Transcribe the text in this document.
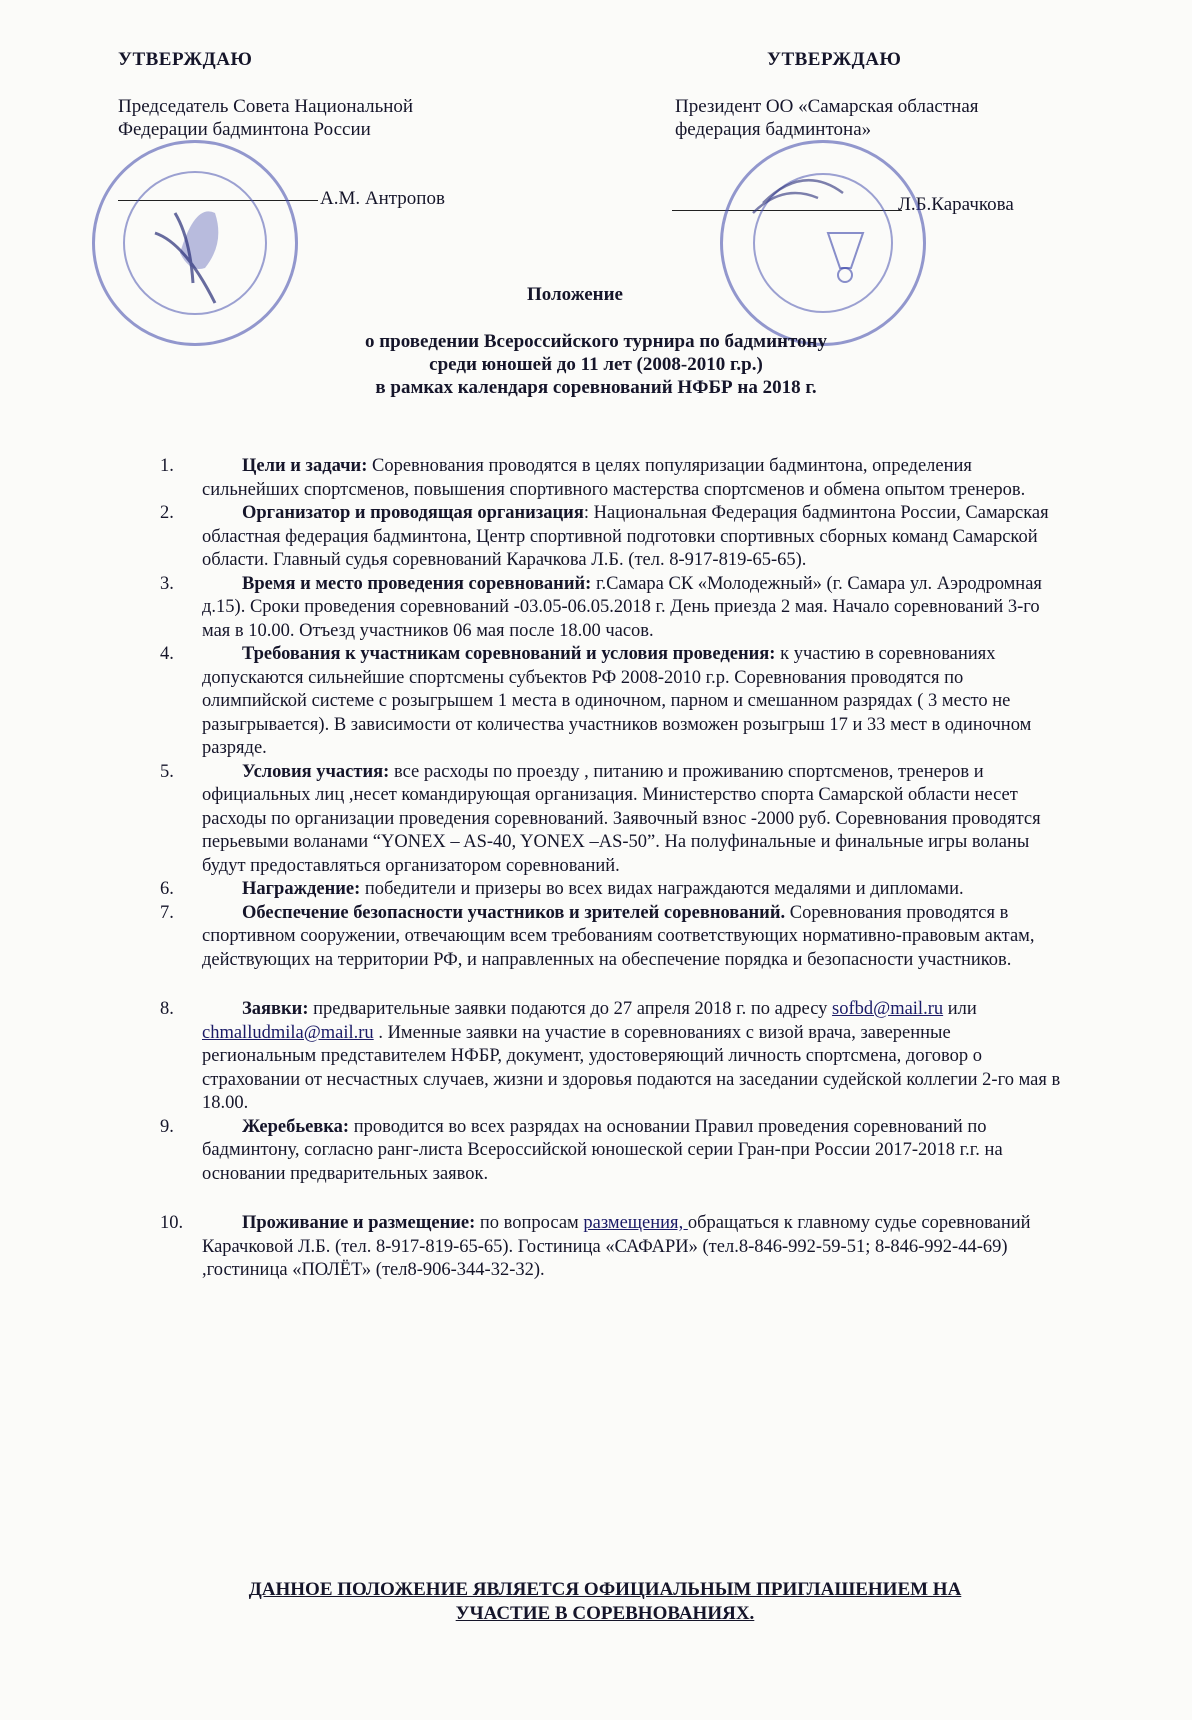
УТВЕРЖДАЮ
Председатель Совета Национальной
Федерации бадминтона России
А.М. Антропов
УТВЕРЖДАЮ
Президент ОО «Самарская областная
федерация бадминтона»
Л.Б.Карачкова
Положение
о проведении Всероссийского турнира по бадминтону
среди юношей до 11 лет (2008-2010 г.р.)
в рамках календаря соревнований НФБР на 2018 г.
1.	Цели и задачи: Соревнования проводятся в целях популяризации бадминтона, определения сильнейших спортсменов, повышения спортивного мастерства спортсменов и обмена опытом тренеров.
2.	Организатор и проводящая организация: Национальная Федерация бадминтона России, Самарская областная федерация бадминтона, Центр спортивной подготовки спортивных сборных команд Самарской области. Главный судья соревнований Карачкова Л.Б. (тел. 8-917-819-65-65).
3.	Время и место проведения соревнований: г.Самара СК «Молодежный» (г. Самара ул. Аэродромная д.15). Сроки проведения соревнований -03.05-06.05.2018 г. День приезда 2 мая. Начало соревнований 3-го мая в 10.00. Отъезд участников 06 мая после 18.00 часов.
4.	Требования к участникам соревнований и условия проведения: к участию в соревнованиях допускаются сильнейшие спортсмены субъектов РФ 2008-2010 г.р. Соревнования проводятся по олимпийской системе с розыгрышем 1 места в одиночном, парном и смешанном разрядах ( 3 место не разыгрывается). В зависимости от количества участников возможен розыгрыш 17 и 33 мест в одиночном разряде.
5.	Условия участия: все расходы по проезду , питанию и проживанию спортсменов, тренеров и официальных лиц ,несет командирующая организация. Министерство спорта Самарской области несет расходы по организации проведения соревнований. Заявочный взнос -2000 руб. Соревнования проводятся перьевыми воланами “YONEX – AS-40, YONEX –AS-50”. На полуфинальные и финальные игры воланы будут предоставляться организатором соревнований.
6.	Награждение: победители и призеры во всех видах награждаются медалями и дипломами.
7.	Обеспечение безопасности участников и зрителей соревнований. Соревнования проводятся в спортивном сооружении, отвечающим всем требованиям соответствующих нормативно-правовым актам, действующих на территории РФ, и направленных на обеспечение порядка и безопасности участников.
8.	Заявки: предварительные заявки подаются до 27 апреля 2018 г. по адресу sofbd@mail.ru или chmalludmila@mail.ru . Именные заявки на участие в соревнованиях с визой врача, заверенные региональным представителем НФБР, документ, удостоверяющий личность спортсмена, договор о страховании от несчастных случаев, жизни и здоровья подаются на заседании судейской коллегии 2-го мая в 18.00.
9.	Жеребьевка: проводится во всех разрядах на основании Правил проведения соревнований по бадминтону, согласно ранг-листа Всероссийской юношеской серии Гран-при России 2017-2018 г.г. на основании предварительных заявок.
10.	Проживание и размещение: по вопросам размещения, обращаться к главному судье соревнований Карачковой Л.Б. (тел. 8-917-819-65-65). Гостиница «САФАРИ» (тел.8-846-992-59-51; 8-846-992-44-69) ,гостиница «ПОЛЁТ» (тел8-906-344-32-32).
ДАННОЕ ПОЛОЖЕНИЕ ЯВЛЯЕТСЯ ОФИЦИАЛЬНЫМ ПРИГЛАШЕНИЕМ НА
УЧАСТИЕ В СОРЕВНОВАНИЯХ.
